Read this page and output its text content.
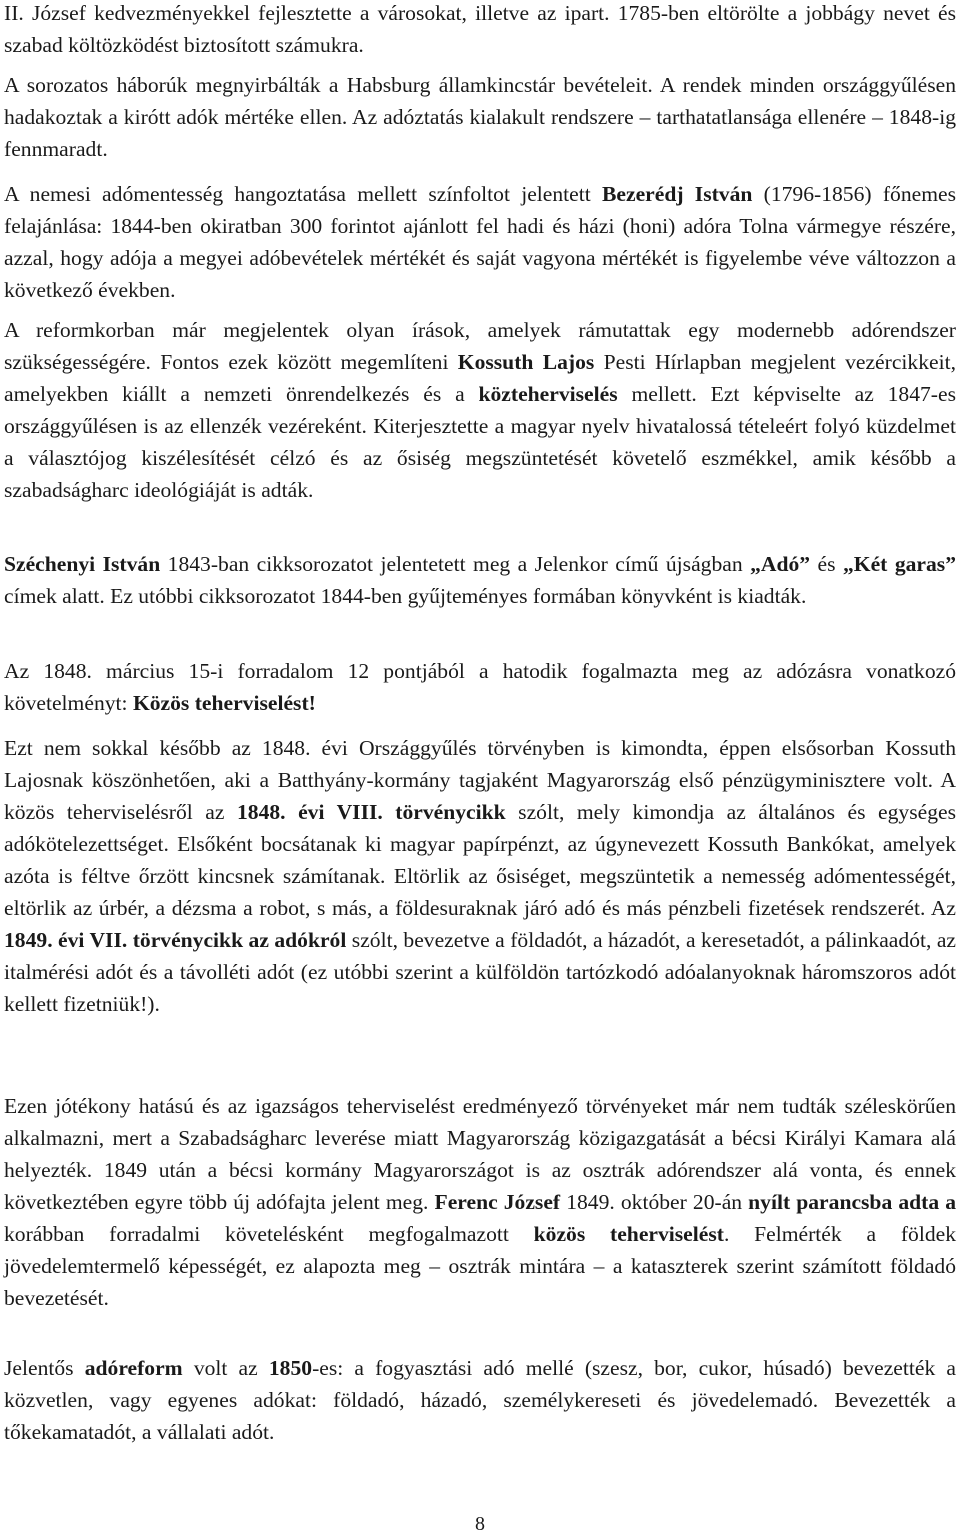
II. József kedvezményekkel fejlesztette a városokat, illetve az ipart. 1785-ben eltörölte a jobbágy nevet és szabad költözködést biztosított számukra.

A sorozatos háborúk megnyirbálták a Habsburg államkincstár bevételeit. A rendek minden országgyűlésen hadakoztak a kirótt adók mértéke ellen. Az adóztatás kialakult rendszere – tarthatatlansága ellenére – 1848-ig fennmaradt.

A nemesi adómentesség hangoztatása mellett színfoltot jelentett Bezerédj István (1796-1856) főnemes felajánlása: 1844-ben okiratban 300 forintot ajánlott fel hadi és házi (honi) adóra Tolna vármegye részére, azzal, hogy adója a megyei adóbevételek mértékét és saját vagyona mértékét is figyelembe véve változzon a következő években.

A reformkorban már megjelentek olyan írások, amelyek rámutattak egy modernebb adórendszer szükségességére. Fontos ezek között megemlíteni Kossuth Lajos Pesti Hírlapban megjelent vezércikkeit, amelyekben kiállt a nemzeti önrendelkezés és a közteherviselés mellett. Ezt képviselte az 1847-es országgyűlésen is az ellenzék vezéreként. Kiterjesztette a magyar nyelv hivatalossá tételeért folyó küzdelmet a választójog kiszélesítését célzó és az ősiség megszüntetését követelő eszmékkel, amik később a szabadságharc ideológiáját is adták.

Széchenyi István 1843-ban cikksorozatot jelentetett meg a Jelenkor című újságban „Adó” és „Két garas” címek alatt. Ez utóbbi cikksorozatot 1844-ben gyűjteményes formában könyvként is kiadták.

Az 1848. március 15-i forradalom 12 pontjából a hatodik fogalmazta meg az adózásra vonatkozó követelményt: Közös teherviselést!

Ezt nem sokkal később az 1848. évi Országgyűlés törvényben is kimondta, éppen elsősorban Kossuth Lajosnak köszönhetően, aki a Batthyány-kormány tagjaként Magyarország első pénzügyminisztere volt. A közös teherviselésről az 1848. évi VIII. törvénycikk szólt, mely kimondja az általános és egységes adókötelezettséget. Elsőként bocsátanak ki magyar papírpénzt, az úgynevezett Kossuth Bankókat, amelyek azóta is féltve őrzött kincsnek számítanak. Eltörlik az ősiséget, megszüntetik a nemesség adómentességét, eltörlik az úrbér, a dézsma a robot, s más, a földesuraknak járó adó és más pénzbeli fizetések rendszerét. Az 1849. évi VII. törvénycikk az adókról szólt, bevezetve a földadót, a házadót, a keresetadót, a pálinkaadót, az italmérési adót és a távolléti adót (ez utóbbi szerint a külföldön tartózkodó adóalanyoknak háromszoros adót kellett fizetniük!).

Ezen jótékony hatású és az igazságos teherviselést eredményező törvényeket már nem tudták széleskörűen alkalmazni, mert a Szabadságharc leverése miatt Magyarország közigazgatását a bécsi Királyi Kamara alá helyezték. 1849 után a bécsi kormány Magyarországot is az osztrák adórendszer alá vonta, és ennek következtében egyre több új adófajta jelent meg. Ferenc József 1849. október 20-án nyílt parancsba adta a korábban forradalmi követelésként megfogalmazott közös teherviselést. Felmérték a földek jövedelemtermelő képességét, ez alapozta meg – osztrák mintára – a kataszterek szerint számított földadó bevezetését.

Jelentős adóreform volt az 1850-es: a fogyasztási adó mellé (szesz, bor, cukor, húsadó) bevezették a közvetlen, vagy egyenes adókat: földadó, házadó, személykereseti és jövedelemadó. Bevezették a tőkekamatadót, a vállalati adót.

8
